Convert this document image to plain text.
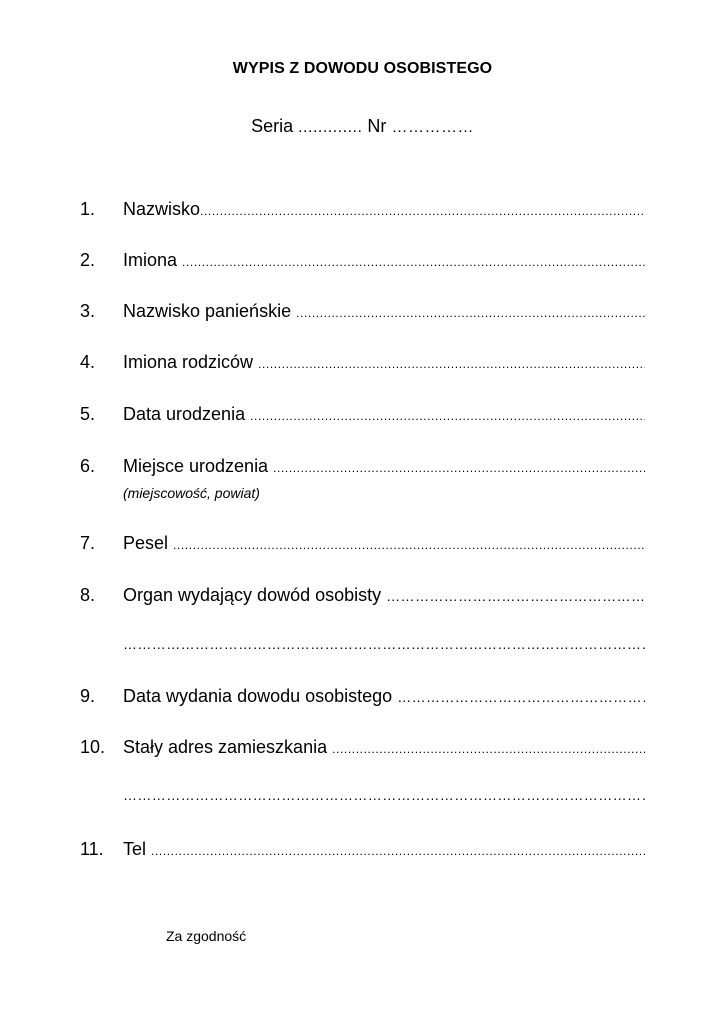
WYPIS Z DOWODU OSOBISTEGO
Seria ............. Nr ……………
1. Nazwisko
.....
2. Imiona
.....
3. Nazwisko panieńskie
.....
4. Imiona rodziców
.....
5. Data urodzenia
.....
6. Miejsce urodzenia
.....
(miejscowość, powiat)
7. Pesel
.....
8. Organ wydający dowód osobisty
………………………………………………………………………………………………………………………………
………………………………………………………………………………………………………………………………
9. Data wydania dowodu osobistego
………………………………………………………………………………………………………………………………
10. Stały adres zamieszkania
.....
………………………………………………………………………………………………………………………………
11. Tel
.....
Za zgodność
